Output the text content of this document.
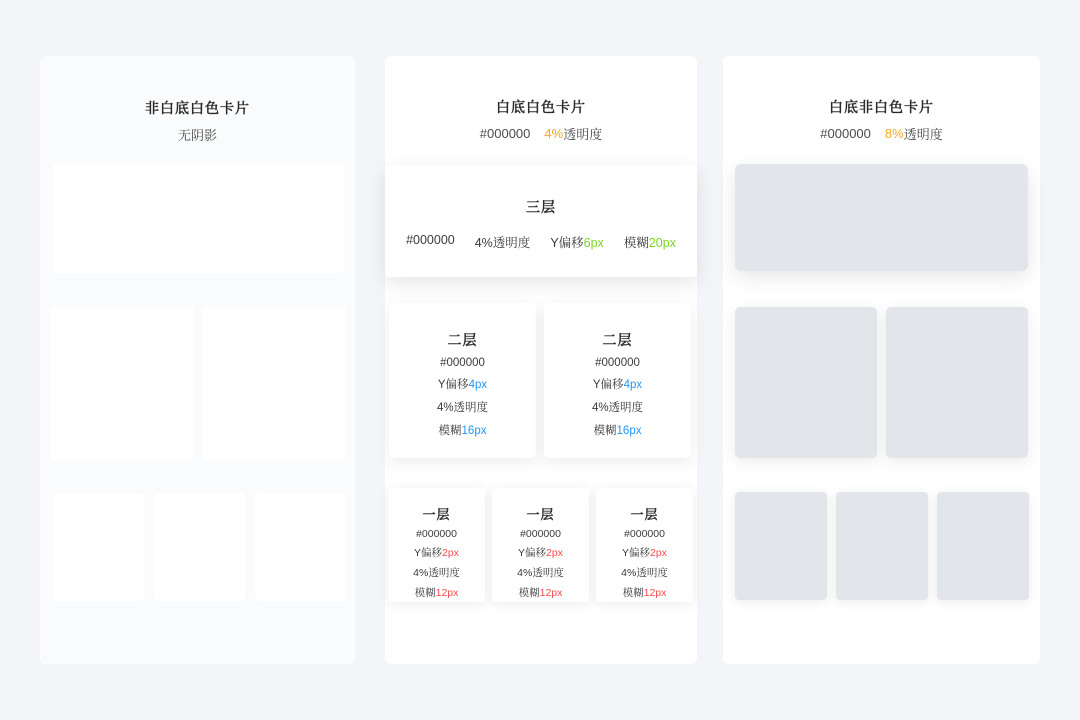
非白底白色卡片
无阴影
白底白色卡片
#000000 4% 透明度
三层
#000000 4%透明度 Y偏移6px 模糊20px
二层
#000000
Y偏移4px
4%透明度
模糊16px
二层
#000000
Y偏移4px
4%透明度
模糊16px
一层
#000000
Y偏移2px
4%透明度
模糊12px
一层
#000000
Y偏移2px
4%透明度
模糊12px
一层
#000000
Y偏移2px
4%透明度
模糊12px
白底非白色卡片
#000000 8% 透明度
